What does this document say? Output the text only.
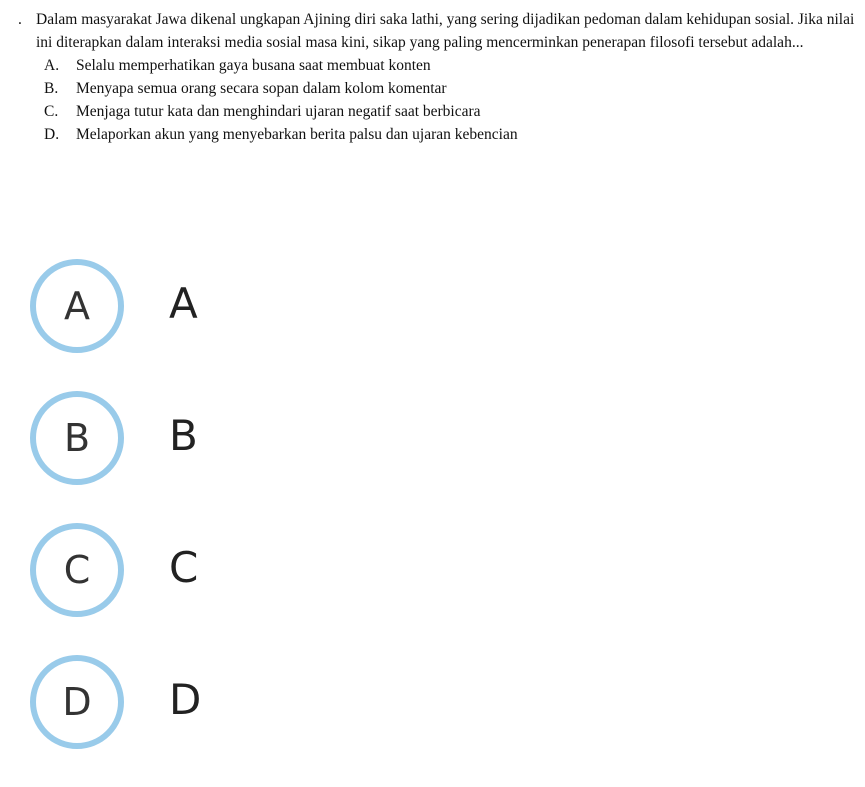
. Dalam masyarakat Jawa dikenal ungkapan Ajining diri saka lathi, yang sering dijadikan pedoman dalam kehidupan sosial. Jika nilai ini diterapkan dalam interaksi media sosial masa kini, sikap yang paling mencerminkan penerapan filosofi tersebut adalah...
A.	Selalu memperhatikan gaya busana saat membuat konten
B.	Menyapa semua orang secara sopan dalam kolom komentar
C.	Menjaga tutur kata dan menghindari ujaran negatif saat berbicara
D.	Melaporkan akun yang menyebarkan berita palsu dan ujaran kebencian
A	A
B	B
C	C
D	D
